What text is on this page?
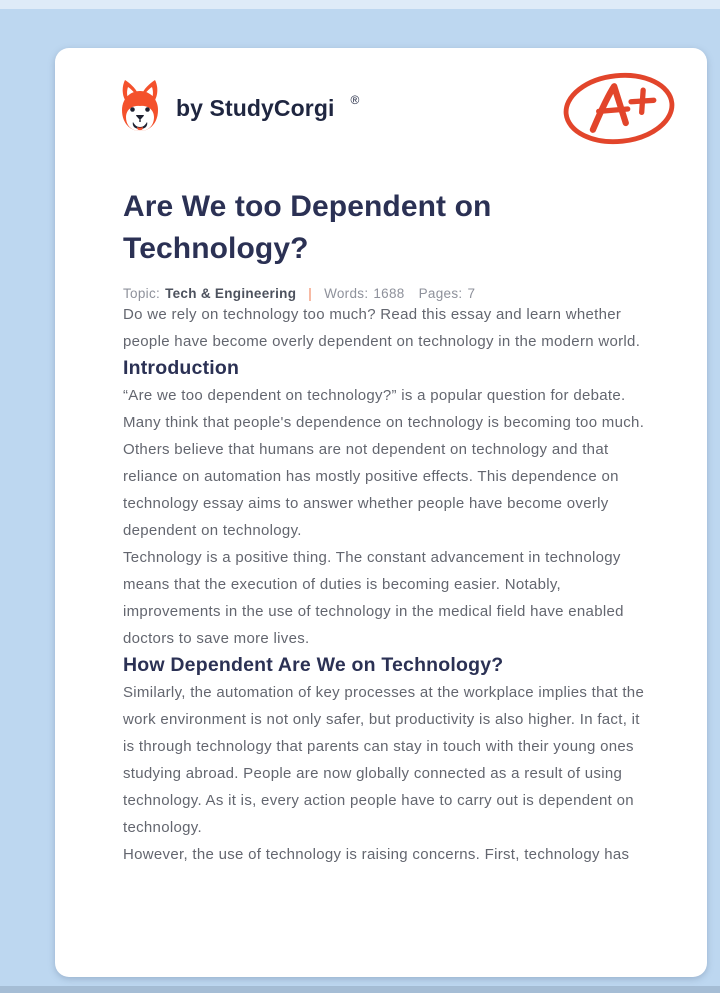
by StudyCorgi ®
Are We too Dependent on Technology?
Topic: Tech & Engineering | Words: 1688 Pages: 7

Do we rely on technology too much? Read this essay and learn whether people have become overly dependent on technology in the modern world.

Introduction

“Are we too dependent on technology?” is a popular question for debate. Many think that people's dependence on technology is becoming too much. Others believe that humans are not dependent on technology and that reliance on automation has mostly positive effects. This dependence on technology essay aims to answer whether people have become overly dependent on technology.

Technology is a positive thing. The constant advancement in technology means that the execution of duties is becoming easier. Notably, improvements in the use of technology in the medical field have enabled doctors to save more lives.

How Dependent Are We on Technology?

Similarly, the automation of key processes at the workplace implies that the work environment is not only safer, but productivity is also higher. In fact, it is through technology that parents can stay in touch with their young ones studying abroad. People are now globally connected as a result of using technology. As it is, every action people have to carry out is dependent on technology.

However, the use of technology is raising concerns. First, technology has
